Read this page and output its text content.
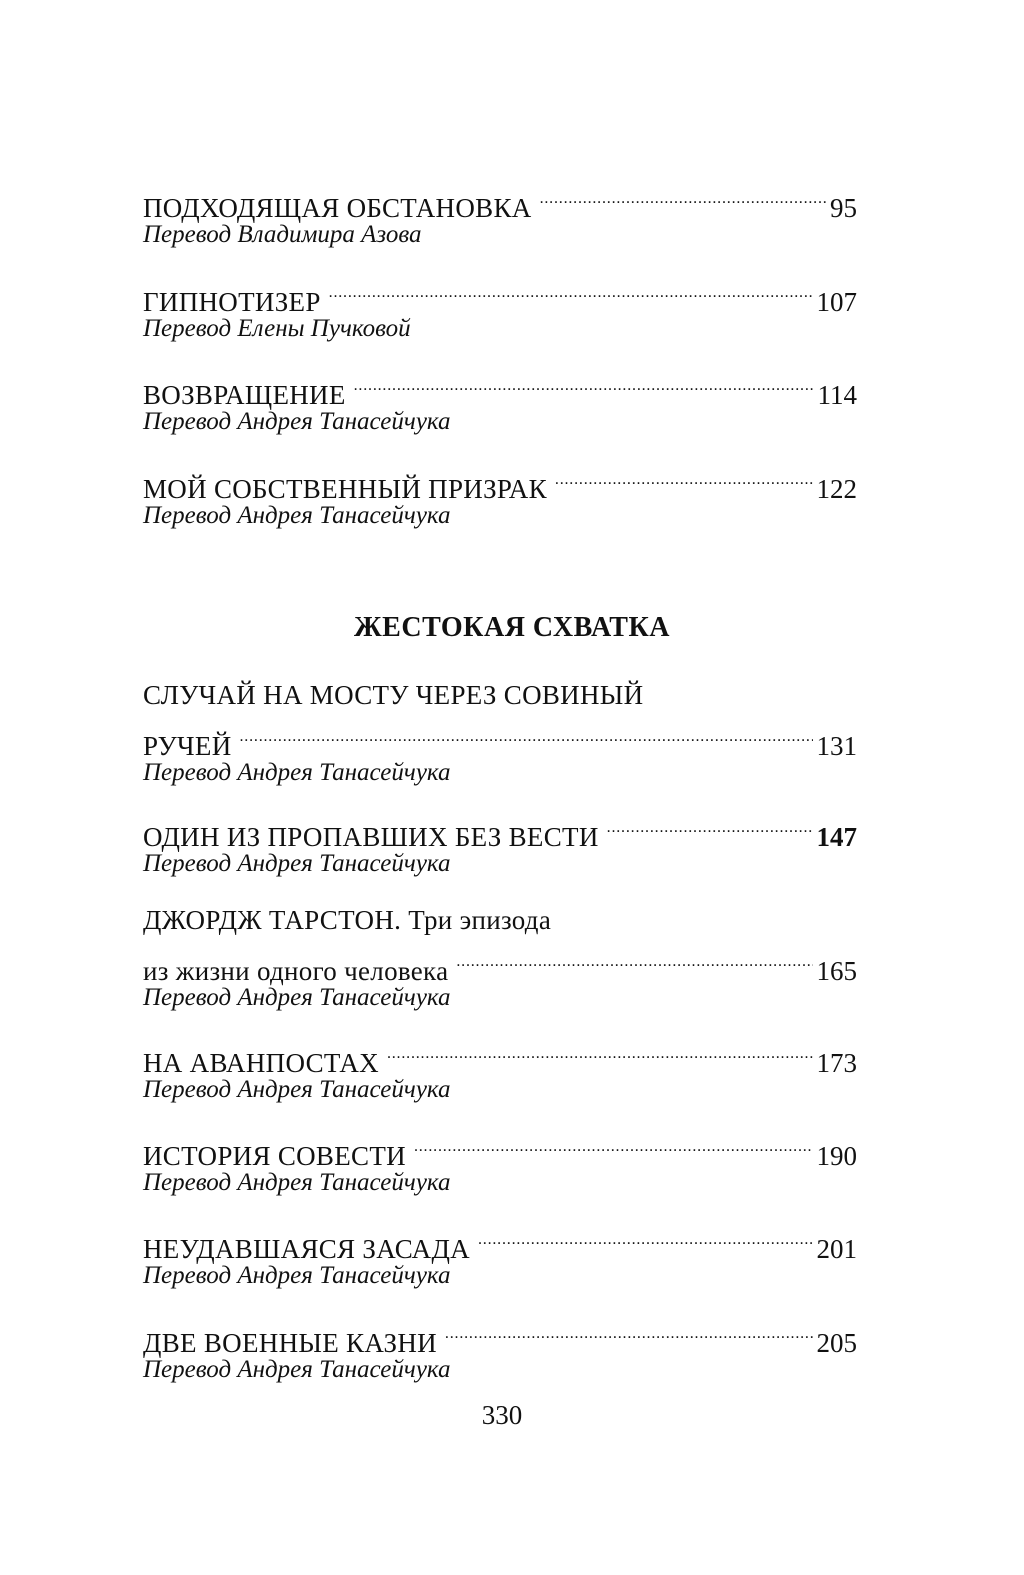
ПОДХОДЯЩАЯ ОБСТАНОВКА . . .	95
Перевод Владимира Азова
ГИПНОТИЗЕР . . .	107
Перевод Елены Пучковой
ВОЗВРАЩЕНИЕ . . .	114
Перевод Андрея Танасейчука
МОЙ СОБСТВЕННЫЙ ПРИЗРАК . . .	122
Перевод Андрея Танасейчука
СЛУЧАЙ НА МОСТУ ЧЕРЕЗ СОВИНЫЙ
РУЧЕЙ . . .	131
Перевод Андрея Танасейчука
ОДИН ИЗ ПРОПАВШИХ БЕЗ ВЕСТИ . . .	147
Перевод Андрея Танасейчука
ДЖОРДЖ ТАРСТОН. Три эпизода
из жизни одного человека . . .	165
Перевод Андрея Танасейчука
НА АВАНПОСТАХ . . .	173
Перевод Андрея Танасейчука
ИСТОРИЯ СОВЕСТИ . . .	190
Перевод Андрея Танасейчука
НЕУДАВШАЯСЯ ЗАСАДА . . .	201
Перевод Андрея Танасейчука
ДВЕ ВОЕННЫЕ КАЗНИ . . .	205
Перевод Андрея Танасейчука
ЖЕСТОКАЯ СХВАТКА
330
